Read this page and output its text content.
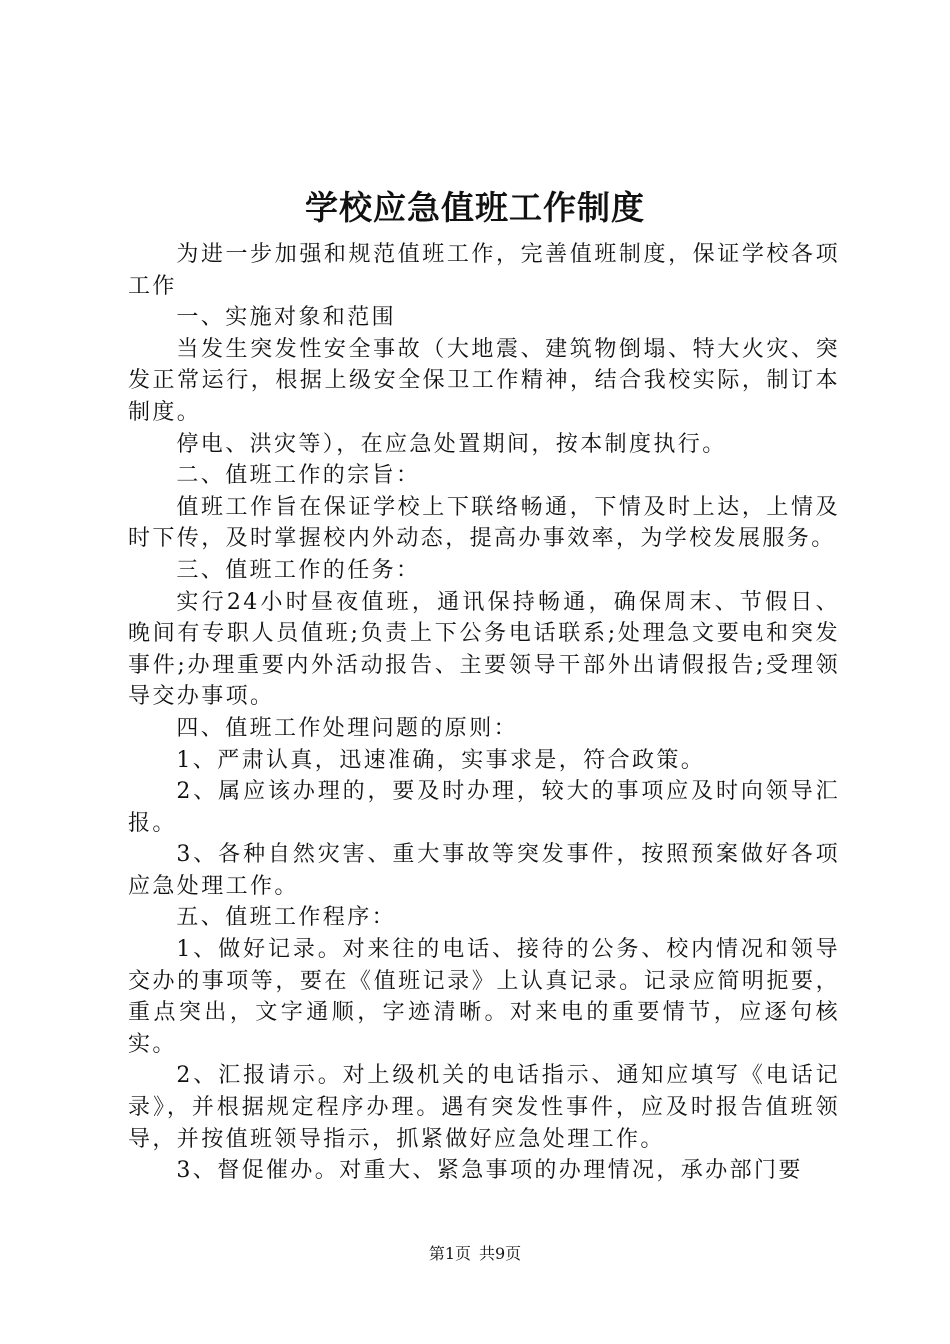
学校应急值班工作制度

为进一步加强和规范值班工作，完善值班制度，保证学校各项工作

一、实施对象和范围

当发生突发性安全事故（大地震、建筑物倒塌、特大火灾、突发正常运行，根据上级安全保卫工作精神，结合我校实际，制订本制度。

停电、洪灾等），在应急处置期间，按本制度执行。

二、值班工作的宗旨：

值班工作旨在保证学校上下联络畅通，下情及时上达，上情及时下传，及时掌握校内外动态，提高办事效率，为学校发展服务。

三、值班工作的任务：

实行24小时昼夜值班，通讯保持畅通，确保周末、节假日、晚间有专职人员值班;负责上下公务电话联系;处理急文要电和突发事件;办理重要内外活动报告、主要领导干部外出请假报告;受理领导交办事项。

四、值班工作处理问题的原则：

1、严肃认真，迅速准确，实事求是，符合政策。

2、属应该办理的，要及时办理，较大的事项应及时向领导汇报。

3、各种自然灾害、重大事故等突发事件，按照预案做好各项应急处理工作。

五、值班工作程序：

1、做好记录。对来往的电话、接待的公务、校内情况和领导交办的事项等，要在《值班记录》上认真记录。记录应简明扼要，重点突出，文字通顺，字迹清晰。对来电的重要情节，应逐句核实。

2、汇报请示。对上级机关的电话指示、通知应填写《电话记录》，并根据规定程序办理。遇有突发性事件，应及时报告值班领导，并按值班领导指示，抓紧做好应急处理工作。

3、督促催办。对重大、紧急事项的办理情况，承办部门要

第1页 共9页
